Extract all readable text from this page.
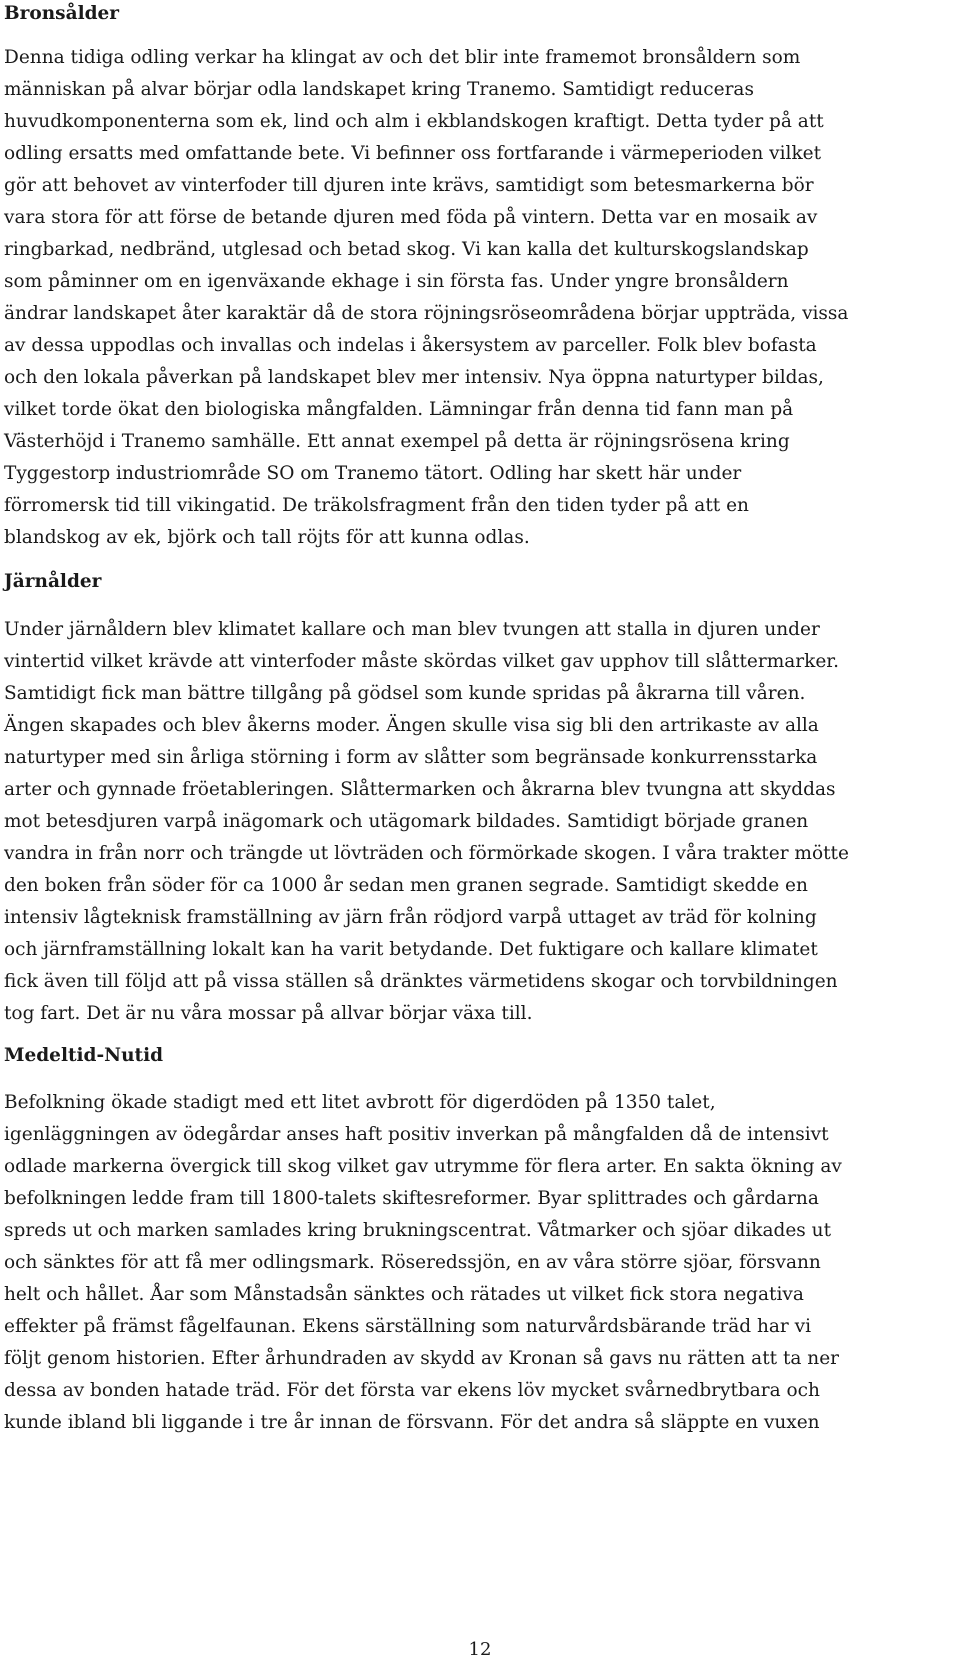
Bronsålder
Denna tidiga odling verkar ha klingat av och det blir inte framemot bronsåldern som
människan på alvar börjar odla landskapet kring Tranemo. Samtidigt reduceras
huvudkomponenterna som ek, lind och alm i ekblandskogen kraftigt. Detta tyder på att
odling ersatts med omfattande bete. Vi befinner oss fortfarande i värmeperioden vilket
gör att behovet av vinterfoder till djuren inte krävs, samtidigt som betesmarkerna bör
vara stora för att förse de betande djuren med föda på vintern. Detta var en mosaik av
ringbarkad, nedbränd, utglesad och betad skog. Vi kan kalla det kulturskogslandskap
som påminner om en igenväxande ekhage i sin första fas. Under yngre bronsåldern
ändrar landskapet åter karaktär då de stora röjningsröseområdena börjar uppträda, vissa
av dessa uppodlas och invallas och indelas i åkersystem av parceller. Folk blev bofasta
och den lokala påverkan på landskapet blev mer intensiv. Nya öppna naturtyper bildas,
vilket torde ökat den biologiska mångfalden. Lämningar från denna tid fann man på
Västerhöjd i Tranemo samhälle. Ett annat exempel på detta är röjningsrösena kring
Tyggestorp industriområde SO om Tranemo tätort. Odling har skett här under
förromersk tid till vikingatid. De träkolsfragment från den tiden tyder på att en
blandskog av ek, björk och tall röjts för att kunna odlas.
Järnålder
Under järnåldern blev klimatet kallare och man blev tvungen att stalla in djuren under
vintertid vilket krävde att vinterfoder måste skördas vilket gav upphov till slåttermarker.
Samtidigt fick man bättre tillgång på gödsel som kunde spridas på åkrarna till våren.
Ängen skapades och blev åkerns moder. Ängen skulle visa sig bli den artrikaste av alla
naturtyper med sin årliga störning i form av slåtter som begränsade konkurrensstarka
arter och gynnade fröetableringen. Slåttermarken och åkrarna blev tvungna att skyddas
mot betesdjuren varpå inägomark och utägomark bildades. Samtidigt började granen
vandra in från norr och trängde ut lövträden och förmörkade skogen. I våra trakter mötte
den boken från söder för ca 1000 år sedan men granen segrade. Samtidigt skedde en
intensiv lågteknisk framställning av järn från rödjord varpå uttaget av träd för kolning
och järnframställning lokalt kan ha varit betydande. Det fuktigare och kallare klimatet
fick även till följd att på vissa ställen så dränktes värmetidens skogar och torvbildningen
tog fart. Det är nu våra mossar på allvar börjar växa till.
Medeltid-Nutid
Befolkning ökade stadigt med ett litet avbrott för digerdöden på 1350 talet,
igenläggningen av ödegårdar anses haft positiv inverkan på mångfalden då de intensivt
odlade markerna övergick till skog vilket gav utrymme för flera arter. En sakta ökning av
befolkningen ledde fram till 1800-talets skiftesreformer. Byar splittrades och gårdarna
spreds ut och marken samlades kring brukningscentrat. Våtmarker och sjöar dikades ut
och sänktes för att få mer odlingsmark. Röseredssjön, en av våra större sjöar, försvann
helt och hållet. Åar som Månstadsån sänktes och rätades ut vilket fick stora negativa
effekter på främst fågelfaunan. Ekens särställning som naturvårdsbärande träd har vi
följt genom historien. Efter århundraden av skydd av Kronan så gavs nu rätten att ta ner
dessa av bonden hatade träd. För det första var ekens löv mycket svårnedbrytbara och
kunde ibland bli liggande i tre år innan de försvann. För det andra så släppte en vuxen
12
